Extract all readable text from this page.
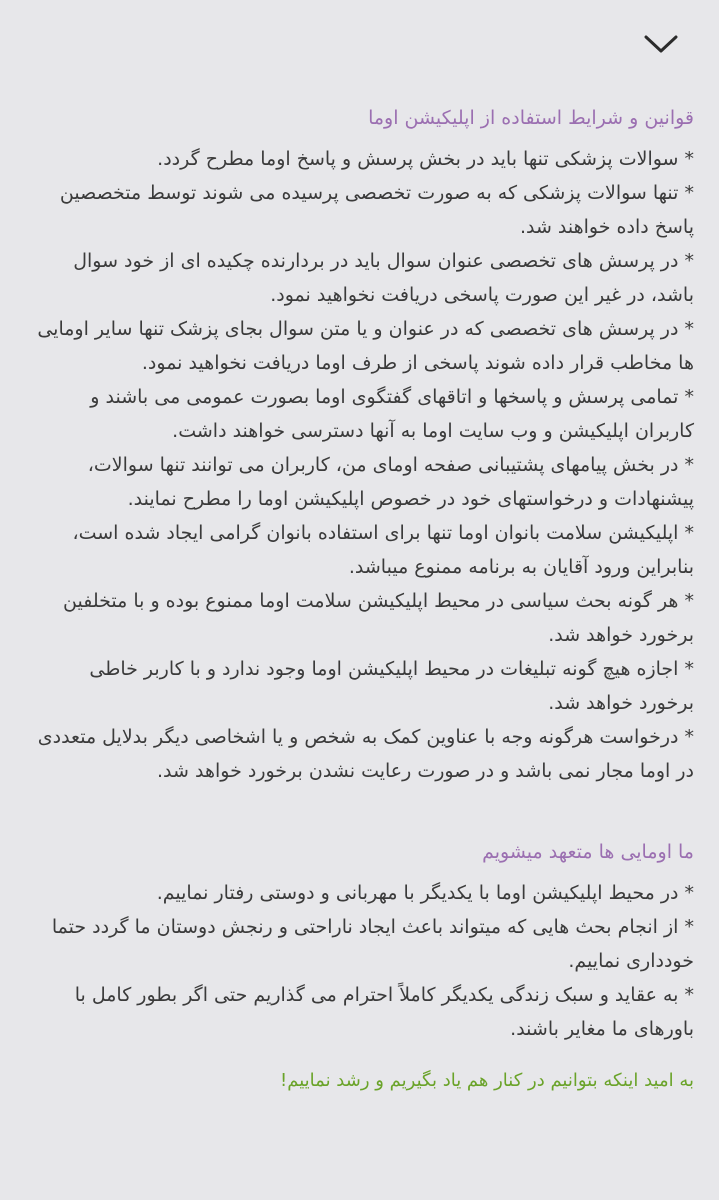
قوانین و شرایط استفاده از اپلیکیشن اوما
* سوالات پزشکی تنها باید در بخش پرسش و پاسخ اوما مطرح گردد.
* تنها سوالات پزشکی که به صورت تخصصی پرسیده می شوند توسط متخصصین پاسخ داده خواهند شد.
* در پرسش های تخصصی عنوان سوال باید در بردارنده چکیده ای از خود سوال باشد، در غیر این صورت پاسخی دریافت نخواهید نمود.
* در پرسش های تخصصی که در عنوان و یا متن سوال بجای پزشک تنها سایر اومایی ها مخاطب قرار داده شوند پاسخی از طرف اوما دریافت نخواهید نمود.
* تمامی پرسش و پاسخها و اتاقهای گفتگوی اوما بصورت عمومی می باشند و کاربران اپلیکیشن و وب سایت اوما به آنها دسترسی خواهند داشت.
* در بخش پیامهای پشتیبانی صفحه اومای من، کاربران می توانند تنها سوالات، پیشنهادات و درخواستهای خود در خصوص اپلیکیشن اوما را مطرح نمایند.
* اپلیکیشن سلامت بانوان اوما تنها برای استفاده بانوان گرامی ایجاد شده است، بنابراین ورود آقایان به برنامه ممنوع میباشد.
* هر گونه بحث سیاسی در محیط اپلیکیشن سلامت اوما ممنوع بوده و با متخلفین برخورد خواهد شد.
* اجازه هیچ گونه تبلیغات در محیط اپلیکیشن اوما وجود ندارد و با کاربر خاطی برخورد خواهد شد.
* درخواست هرگونه وجه با عناوین کمک به شخص و یا اشخاصی دیگر بدلایل متعددی در اوما مجار نمی باشد و در صورت رعایت نشدن برخورد خواهد شد.
ما اومایی ها متعهد میشویم
* در محیط اپلیکیشن اوما با یکدیگر با مهربانی و دوستی رفتار نماییم.
* از انجام بحث هایی که میتواند باعث ایجاد ناراحتی و رنجش دوستان ما گردد حتما خودداری نماییم.
* به عقاید و سبک زندگی یکدیگر کاملاً احترام می گذاریم حتی اگر بطور کامل با باورهای ما مغایر باشند.

به امید اینکه بتوانیم در کنار هم یاد بگیریم و رشد نماییم!
